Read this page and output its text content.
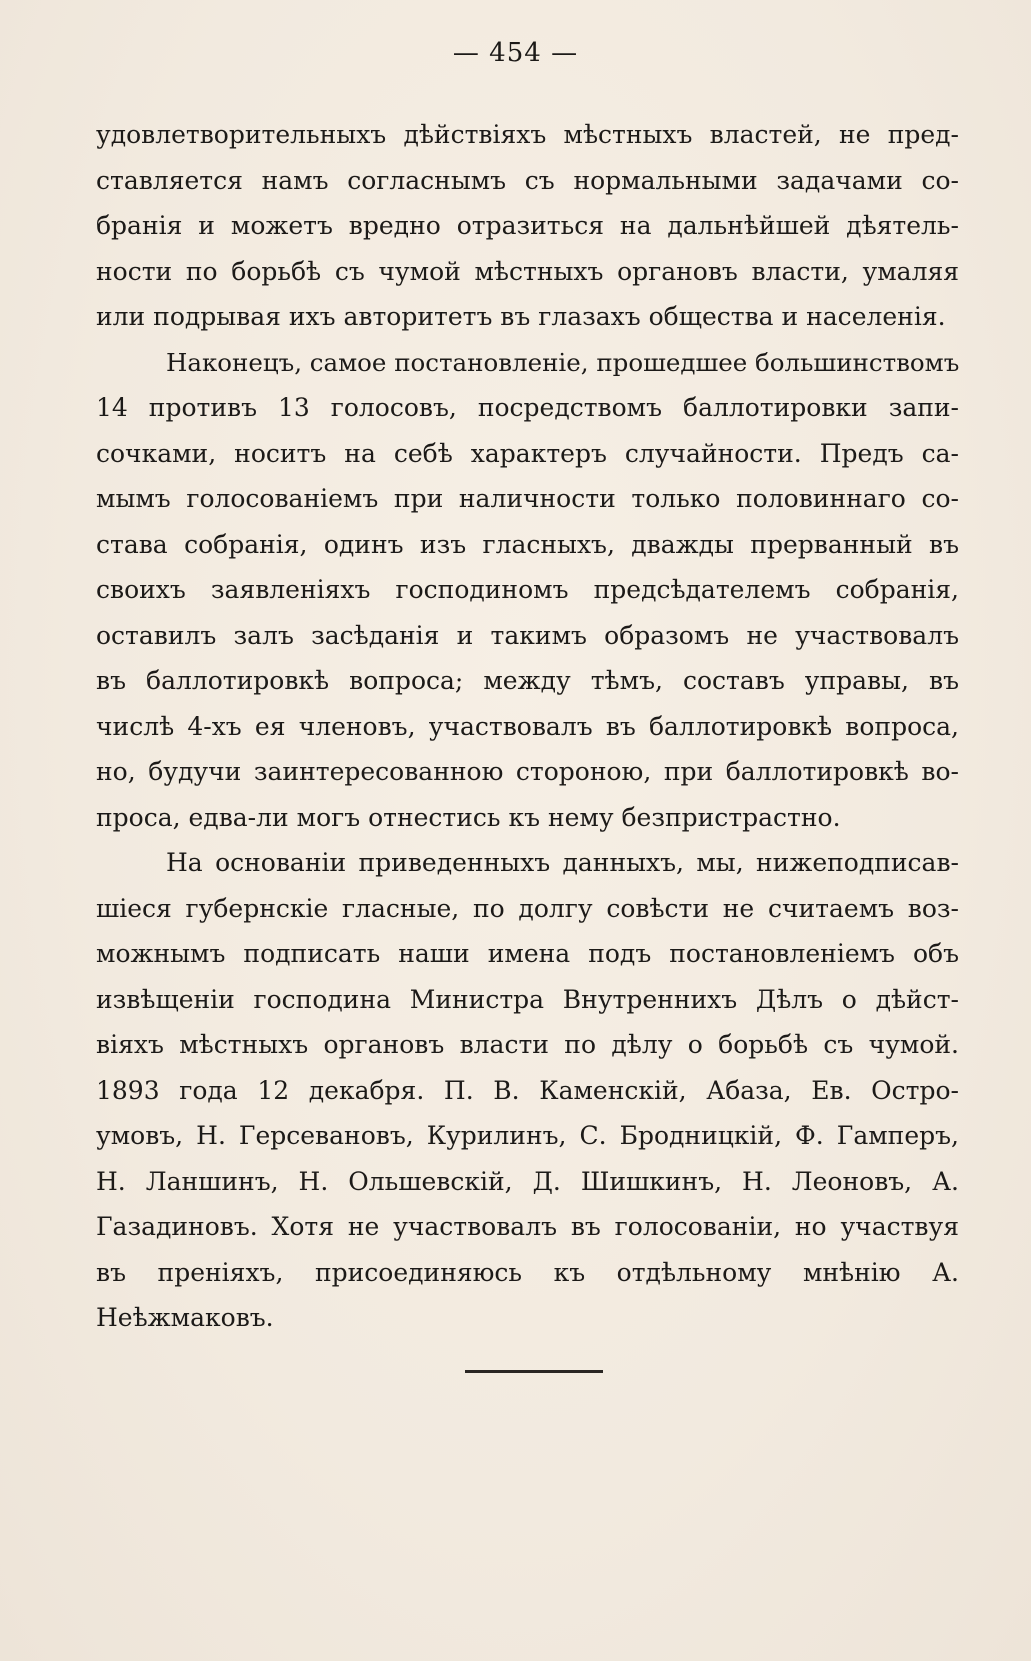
— 454 —
удовлетворительныхъ дѣйствіяхъ мѣстныхъ властей, не пред-
ставляется намъ согласнымъ съ нормальными задачами со-
бранія и можетъ вредно отразиться на дальнѣйшей дѣятель-
ности по борьбѣ съ чумой мѣстныхъ органовъ власти, умаляя
или подрывая ихъ авторитетъ въ глазахъ общества и населенія.
Наконецъ, самое постановленіе, прошедшее большинствомъ
14 противъ 13 голосовъ, посредствомъ баллотировки запи-
сочками, носитъ на себѣ характеръ случайности. Предъ са-
мымъ голосованіемъ при наличности только половиннаго со-
става собранія, одинъ изъ гласныхъ, дважды прерванный въ
своихъ заявленіяхъ господиномъ предсѣдателемъ собранія,
оставилъ залъ засѣданія и такимъ образомъ не участвовалъ
въ баллотировкѣ вопроса; между тѣмъ, составъ управы, въ
числѣ 4-хъ ея членовъ, участвовалъ въ баллотировкѣ вопроса,
но, будучи заинтересованною стороною, при баллотировкѣ во-
проса, едва-ли могъ отнестись къ нему безпристрастно.
На основаніи приведенныхъ данныхъ, мы, нижеподписав-
шіеся губернскіе гласные, по долгу совѣсти не считаемъ воз-
можнымъ подписать наши имена подъ постановленіемъ объ
извѣщеніи господина Министра Внутреннихъ Дѣлъ о дѣйст-
віяхъ мѣстныхъ органовъ власти по дѣлу о борьбѣ съ чумой.
1893 года 12 декабря. П. В. Каменскій, Абаза, Ев. Остро-
умовъ, Н. Герсевановъ, Курилинъ, С. Бродницкій, Ф. Гамперъ,
Н. Ланшинъ, Н. Ольшевскій, Д. Шишкинъ, Н. Леоновъ, А.
Газадиновъ. Хотя не участвовалъ въ голосованіи, но участвуя
въ преніяхъ, присоединяюсь къ отдѣльному мнѣнію А.
Неѣжмаковъ.
